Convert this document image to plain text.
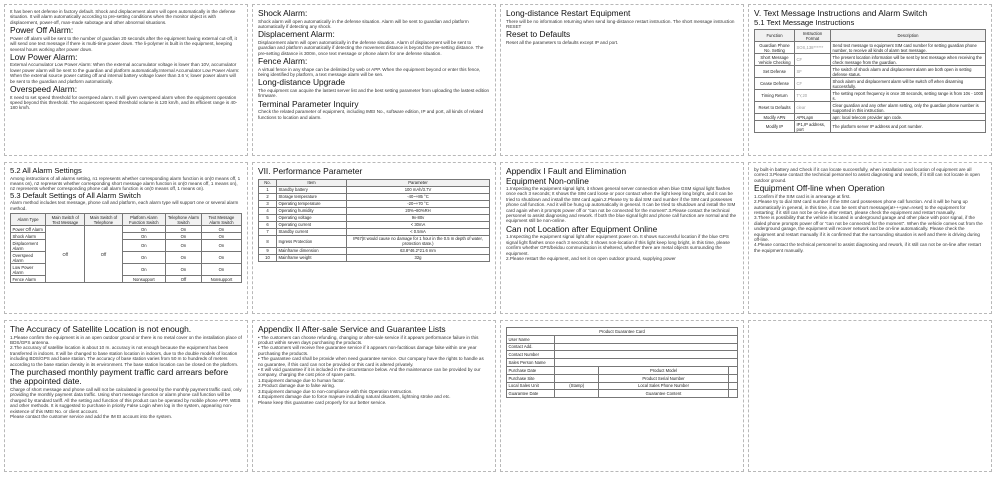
It has been set defense in factory default. Shock and displacement alarm will open automatically in the defense situation. It will alarm automatically according to pre-setting conditions when the monitor object is with displacement, power-off, man-made sabotage and other abnormal situations.

Power Off Alarm:

Power off alarm will be sent to the number of guardian 20 seconds after the equipment having external cut-off, it will send one text message if there is multi-time power down. The li-polymer is built in the equipment, keeping several hours working after power down.

Low Power Alarm:

External Accumulator Low Power Alarm: When the external accumulator voltage is lower than 10V, accumulator lower power alarm will be sent to the guardian and platform automatically.Internal Accumulator Low Power Alarm: When the external source power cutting off and internal battery voltage lower than 3.6 V, lower power alarm will be sent to the guardian and platform automatically.

Overspeed Alarm:

It need to set speed threshold for overspeed alarm. It will given overspeed alarm when the equipment operation speed beyond this threshold. The acquiescent speed threshold volume is 120 km/h, and its efficient range is 40-180 km/h.

Shock Alarm:

Shock alarm will open automatically in the defense situation. Alarm will be sent to guardian and platform automatically if detecting any shock.

Displacement Alarm:

Displacement alarm will open automatically in the defense situation. Alarm of displacement will be sent to guardian and platform automatically if detecting the movement distance is beyond the pre-setting distance. The pre-setting distance is 300m, once text message or phone alarm for one defense situation.

Fence Alarm:

A virtual fence in any shape can be delimited by web or APP. When the equipment beyond or enter this fence, being identified by platform, a text message alarm will be sen.

Long-distance Upgrade

The equipment can acquire the lastest server list and the best setting parameter from uploading the lastest edition firmware.

Terminal Parameter Inquiry

Check the related parameter of equipment, including IMEI No., software edition, IP and port, all kinds of related functions to location and alarm.

Long-distance Restart Equipment

There will be no information returning when send long-distance restart instruction. The short message instruction RESET

Reset to Defaults

Reset all the parameters to defaults except IP and port.

V. Text Message Instructions and Alarm Switch
5.1 Text Message Instructions
Function	Instruction Format	Description
Guardian Phone No. Setting	SOS,138******	Send text message to equipment SIM card number for setting guardian phone number, to receive all kinds of alarm text message.
Short Message Vehicle Checking	CF	The present location information will be sent by text message when receiving the check message from the guardian.
Set Defense	SF	The switch of shock alarm and displacement alarm are both open in setting defense status.
Cease Defense	CF	Shock alarm and displacement alarm will be switch off when disarming successfully.
Timing Return	TY,20	The setting report frequency is once 30 seconds, setting range is from 10s - 1000 s.
Reset to Defaults	clear	Clear guardian and any other alarm setting, only the guardian phone number is supported in this instruction.
Modify APN	APN,apn	apn: local telecom provider apn code.
Modify IP	IP1,IP address, port	The platform server IP address and port number.
5.2 All Alarm Settings

Among instructions of all alarms setting, n1 represents whether corresponding alarm function is on(0 means off, 1 means on), n2 represents whether corresponding short message alarm function is on(0 means off, 1 means on), n2 represents whether corresponding phone call alarm function is on(0 means off, 1 means on).

5.3 Default Settings of All Alarm Switch

Alarm method includes text message, phone call and platform, each alarm type will support one or several alarm method.

Alarm Type	Main Switch of Text Message	Main Switch of Telephone	Platform Alarm Function Switch	Telephone Alarm Switch	Text Message Alarm Switch
Power Off Alarm	Off	Off	On	On	On
Shock Alarm			On	On	On
Displacement Alarm			On	On	On
Overspeed Alarm			On	On	On
Low Power Alarm			On	On	On
Fence Alarm			Nonsupport	Off	Nonsupport
VII. Performance Parameter
No.	Item	Parameter
1	Standby battery	100 mAh/3.7V
2	Storage temperature	-40~+85 °C
3	Operating temperature	-20~+70 °C
4	Operating humidity	20%~80%RH
5	Operating voltage	9v-80v
6	Operating current	< 30mA
7	Standby current	< 0.5mA
8	Ingress Protection	IP67(It would cause no damage for 1 hour in the 0.5 m depth of water, protection state.)
9	Mainframe dimension	63.8*46.2*21.6 mm
10	Mainframe weight	32g
Appendix I Fault and Elimination
Equipment Non-online

1.Inspecting the equipment signal light, it shows general server connection when blue GSM signal light flashes once each 3 seconds; It shows the SIM card loose or poor contact when the light keep long bright, and it can be tried to shutdown and install the SIM card again.2.Please try to dial SIM card number if the SIM card possesses phone call function. And it will be hung up automatically in general. It can be tried to shutdown and install the SIM card again when it prompts power off or "can not be connected for the moment".3.Please contact the technical personnel to assist diagnosing and rework. If both the blue signal light and phone call function are normal and the equipment still be non-online.

Can not Location after Equipment Online

1.Inspecting the equipment signal light after equipment power on. It shows successful location if the blue GPS signal light flashes once each 3 seconds; it shows non-location if this light keep long bright, in this time, please confirm whether GPS/beidou communication is sheltered, whether there are metal objects surrounding the equipment.

2.Please restart the equipment, and set it on open outdoor ground, supplying power

by built-in battery and Check if it can locate successfully, when installation and location of equipment are all correct 3.Please contact the technical personnel to assist diagnosing and rework, if it still can not locate in open outdoor ground.

Equipment Off-line when Operation
1.Confirm if the SIM card is in arrearage at first.
2.Please try to dial SIM card number if the SIM card possesses phone call function. And it will be hung up automatically in general, in this time, it can be sent short message(at+++pwr=reset) to the equipment for restarting; if it still can not be on-line after restart, please check the equipment and restart manually.
3.There is possibility that the vehicle is located in underground garage and other place with poor signal, if the dialed phone prompts power off or "can not be connected for the moment". When the vehicle comes out from the underground garage, the equipment will recover network and be on-line automatically. Please check the equipment and restart manually if it is confirmed that the surrounding situation is well and there is driving during off-line.
4.Please contact the technical personnel to assist diagnosing and rework, if it still can not be on-line after restart the equipment manually.
The Accuracy of Satellite Location is not enough.
1.Please confirm the equipment is in an open outdoor ground or there is no metal cover on the installation place of BDS/GPS antenna.
2.The accuracy of satellite location is about 10 m. accuracy is not enough because the equipment has been transferred in indoors. It will be changed to base station location in indoors, due to the double models of location including BDS/GPS and base station. The accuracy of base station varies from 50 m to hundreds of meters according to the base station density in its environment. The base station location can be closed on the platform.
The purchased monthly payment traffic card arrears before the appointed date.

Charge of short message and phone call will not be calculated in general by the monthly payment traffic card, only providing the monthly payment data traffic. Using short message function or alarm phone call function will be charged by standard tariff. All the setting and function of this product can be operated by mobile phone APP, WEB and other methods. It is suggested to purchase in priority False Login when log in the system, appearing non-existence of this IMEI No. or client account.

Please contact the customer service and add the IM EI account into the system.

Appendix II After-sale Service and Guarantee Lists
• The customers can choose refunding, changing or after-sale service if it appears performance failure in this product within seven days purchasing the products.
• The customers will receive free guarantee service if it appears non-factitious damage false within one year purchasing the products.
• The guarantee card shall be provide when need guarantee service. Our company have the rights to handle as no guarantee, if this card can not be provided or this card is altered privately.
• It will void guarantee if it is included in the circumstance below. And the maintenance can be provided by our company, charging the cost price of spare parts.
1.Equipment damage due to human factor.
2.Product damage due to false wiring.
3.Equipment damage due to non-compliance with this Operation Instruction.
4.Equipment damage due to force majeure including natural disasters, lightning stroke and etc.

Please keep this guarantee card properly for our better service.

Product Guarantee Card			
User Name			
Contact Add.			
Contact Number			
Sales Person Name			
Purchase Date		Product Model	
Purchase Site		Product Serial Number	
Local Sales Unit	(Stamp)	Local Sales Phone Number	
Guarantee Date		Guarantee Content	
